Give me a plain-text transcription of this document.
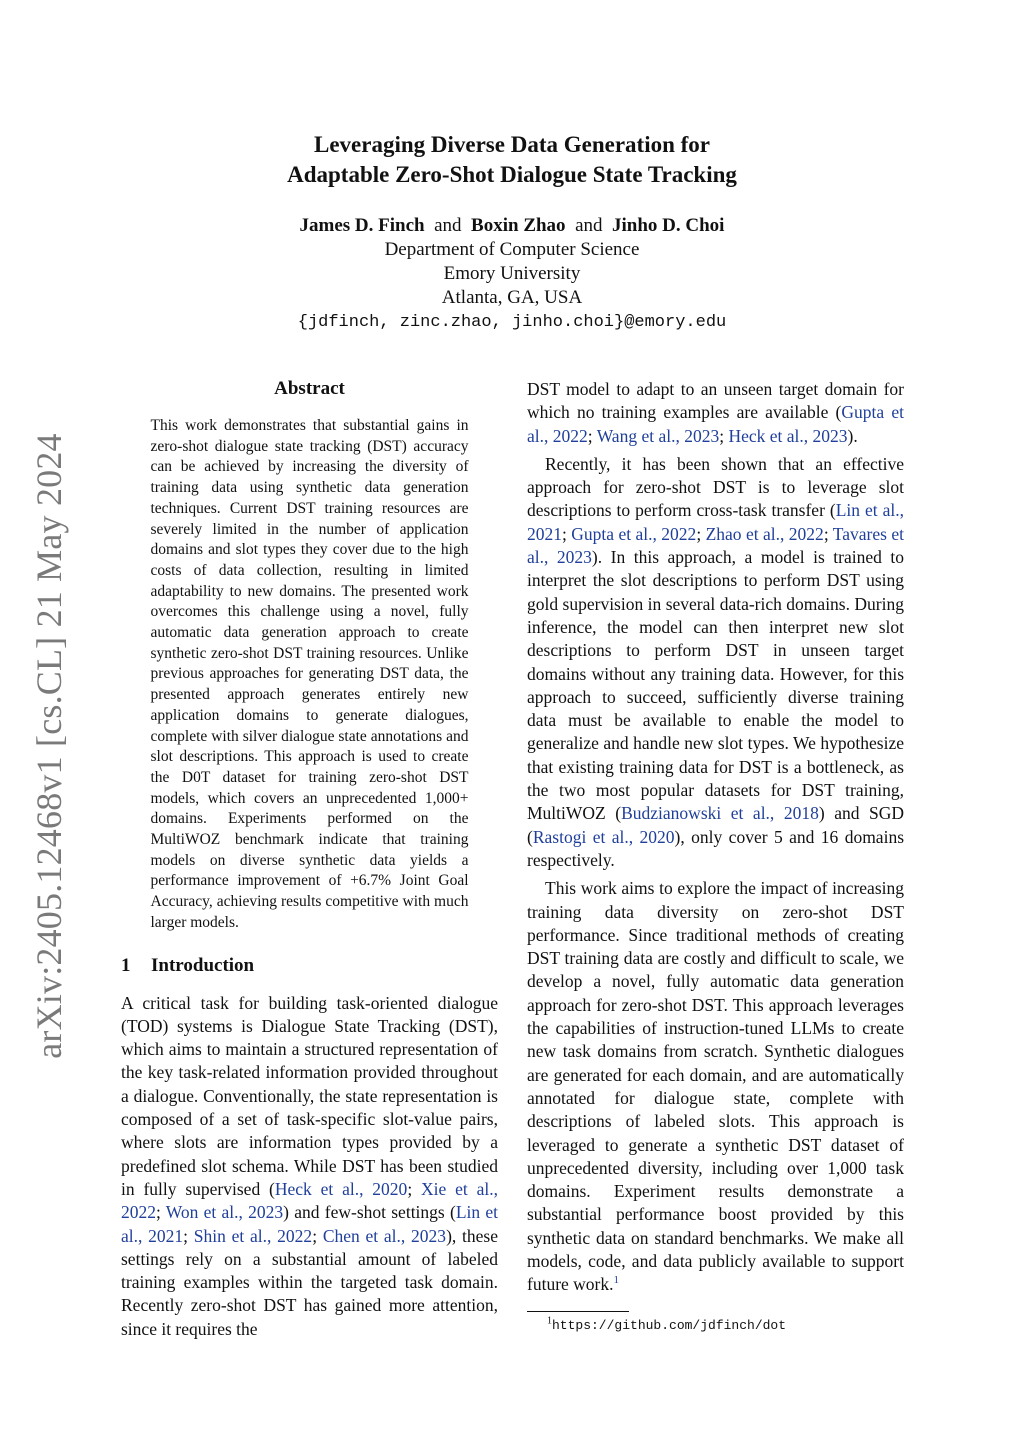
arXiv:2405.12468v1 [cs.CL] 21 May 2024
Leveraging Diverse Data Generation for
Adaptable Zero-Shot Dialogue State Tracking
James D. Finch and Boxin Zhao and Jinho D. Choi
Department of Computer Science
Emory University
Atlanta, GA, USA
{jdfinch, zinc.zhao, jinho.choi}@emory.edu
Abstract

This work demonstrates that substantial gains in zero-shot dialogue state tracking (DST) accuracy can be achieved by increasing the diversity of training data using synthetic data generation techniques. Current DST training resources are severely limited in the number of application domains and slot types they cover due to the high costs of data collection, resulting in limited adaptability to new domains. The presented work overcomes this challenge using a novel, fully automatic data generation approach to create synthetic zero-shot DST training resources. Unlike previous approaches for generating DST data, the presented approach generates entirely new application domains to generate dialogues, complete with silver dialogue state annotations and slot descriptions. This approach is used to create the D0T dataset for training zero-shot DST models, which covers an unprecedented 1,000+ domains. Experiments performed on the MultiWOZ benchmark indicate that training models on diverse synthetic data yields a performance improvement of +6.7% Joint Goal Accuracy, achieving results competitive with much larger models.

1 Introduction

A critical task for building task-oriented dialogue (TOD) systems is Dialogue State Tracking (DST), which aims to maintain a structured representation of the key task-related information provided throughout a dialogue. Conventionally, the state representation is composed of a set of task-specific slot-value pairs, where slots are information types provided by a predefined slot schema. While DST has been studied in fully supervised (Heck et al., 2020; Xie et al., 2022; Won et al., 2023) and few-shot settings (Lin et al., 2021; Shin et al., 2022; Chen et al., 2023), these settings rely on a substantial amount of labeled training examples within the targeted task domain. Recently zero-shot DST has gained more attention, since it requires the

DST model to adapt to an unseen target domain for which no training examples are available (Gupta et al., 2022; Wang et al., 2023; Heck et al., 2023).

Recently, it has been shown that an effective approach for zero-shot DST is to leverage slot descriptions to perform cross-task transfer (Lin et al., 2021; Gupta et al., 2022; Zhao et al., 2022; Tavares et al., 2023). In this approach, a model is trained to interpret the slot descriptions to perform DST using gold supervision in several data-rich domains. During inference, the model can then interpret new slot descriptions to perform DST in unseen target domains without any training data. However, for this approach to succeed, sufficiently diverse training data must be available to enable the model to generalize and handle new slot types. We hypothesize that existing training data for DST is a bottleneck, as the two most popular datasets for DST training, MultiWOZ (Budzianowski et al., 2018) and SGD (Rastogi et al., 2020), only cover 5 and 16 domains respectively.

This work aims to explore the impact of increasing training data diversity on zero-shot DST performance. Since traditional methods of creating DST training data are costly and difficult to scale, we develop a novel, fully automatic data generation approach for zero-shot DST. This approach leverages the capabilities of instruction-tuned LLMs to create new task domains from scratch. Synthetic dialogues are generated for each domain, and are automatically annotated for dialogue state, complete with descriptions of labeled slots. This approach is leveraged to generate a synthetic DST dataset of unprecedented diversity, including over 1,000 task domains. Experiment results demonstrate a substantial performance boost provided by this synthetic data on standard benchmarks. We make all models, code, and data publicly available to support future work.$^1$

$^1$https://github.com/jdfinch/dot
